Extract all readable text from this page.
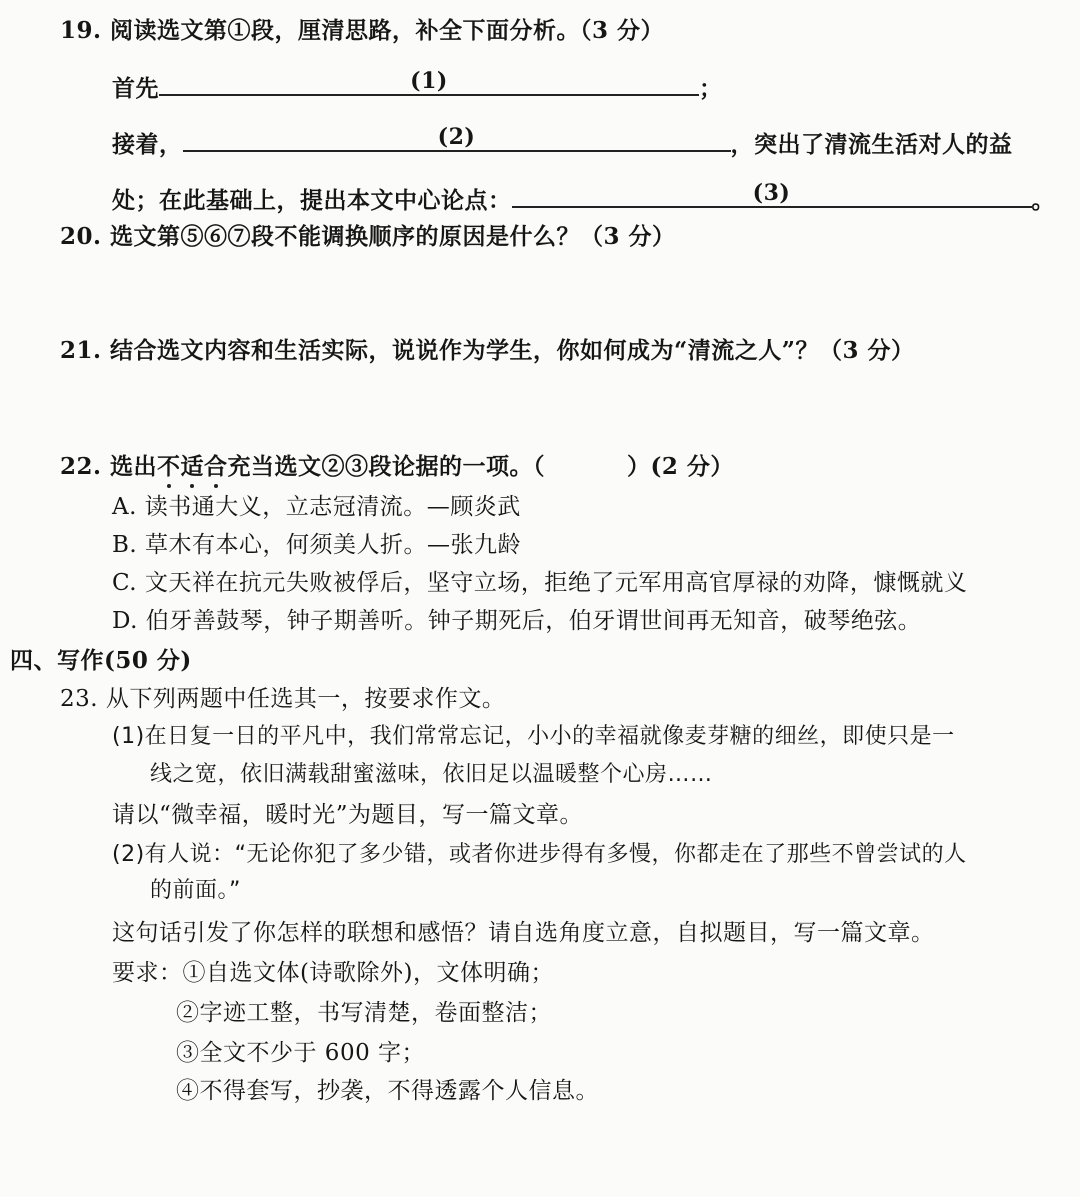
19. 阅读选文第①段，厘清思路，补全下面分析。（3 分）
首先	(1)	；
接着，	(2)	，突出了清流生活对人的益
处；在此基础上，提出本文中心论点：	(3)	。
20. 选文第⑤⑥⑦段不能调换顺序的原因是什么？（3 分）
21. 结合选文内容和生活实际，说说作为学生，你如何成为“清流之人”？（3 分）
22. 选出不适合充当选文②③段论据的一项。（	）(2 分）
A. 读书通大义，立志冠清流。—顾炎武
B. 草木有本心，何须美人折。—张九龄
C. 文天祥在抗元失败被俘后，坚守立场，拒绝了元军用高官厚禄的劝降，慷慨就义
D. 伯牙善鼓琴，钟子期善听。钟子期死后，伯牙谓世间再无知音，破琴绝弦。
四、写作(50 分)
23. 从下列两题中任选其一，按要求作文。
(1)在日复一日的平凡中，我们常常忘记，小小的幸福就像麦芽糖的细丝，即使只是一
线之宽，依旧满载甜蜜滋味，依旧足以温暖整个心房……
请以“微幸福，暖时光”为题目，写一篇文章。
(2)有人说：“无论你犯了多少错，或者你进步得有多慢，你都走在了那些不曾尝试的人
的前面。”
这句话引发了你怎样的联想和感悟？请自选角度立意，自拟题目，写一篇文章。
要求：①自选文体(诗歌除外)，文体明确；
②字迹工整，书写清楚，卷面整洁；
③全文不少于 600 字；
④不得套写，抄袭，不得透露个人信息。
